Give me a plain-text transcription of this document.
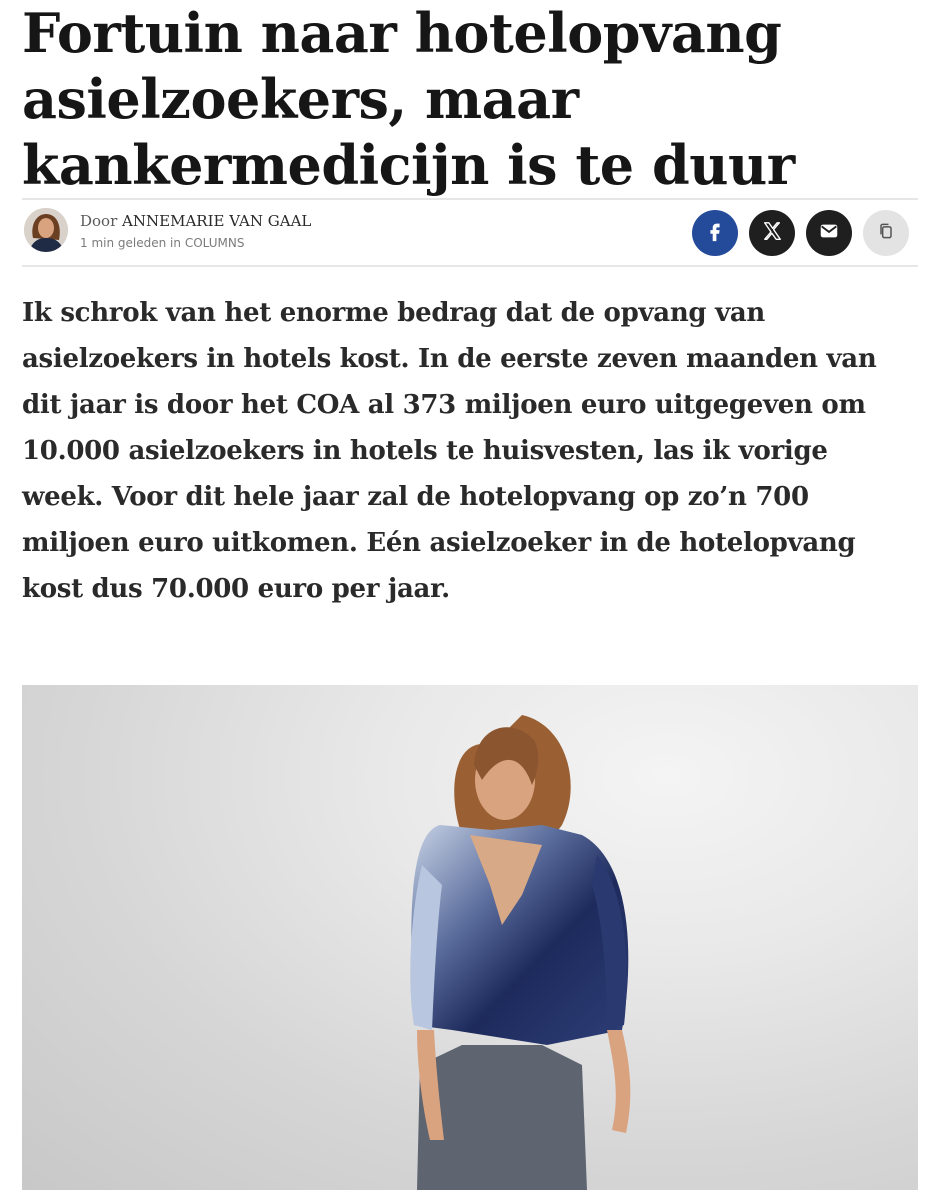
Fortuin naar hotelopvang asielzoekers, maar kankermedicijn is te duur
Door ANNEMARIE VAN GAAL
1 min geleden in COLUMNS

Ik schrok van het enorme bedrag dat de opvang van asielzoekers in hotels kost. In de eerste zeven maanden van dit jaar is door het COA al 373 miljoen euro uitgegeven om 10.000 asielzoekers in hotels te huisvesten, las ik vorige week. Voor dit hele jaar zal de hotelopvang op zo’n 700 miljoen euro uitkomen. Eén asielzoeker in de hotelopvang kost dus 70.000 euro per jaar.
